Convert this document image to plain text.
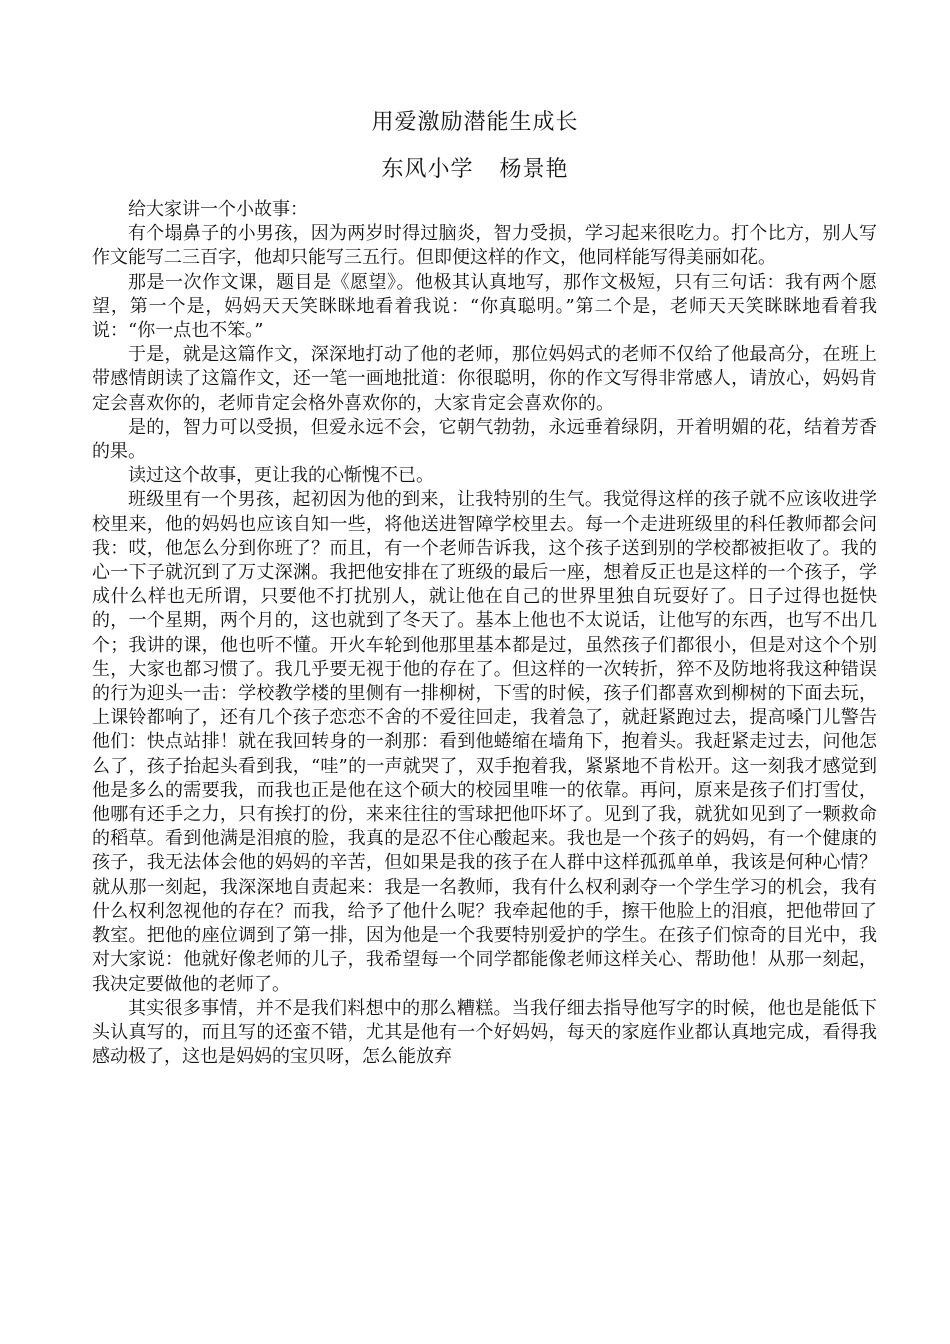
用爱激励潜能生成长
东风小学 杨景艳

给大家讲一个小故事：

有个塌鼻子的小男孩，因为两岁时得过脑炎，智力受损，学习起来很吃力。打个比方，别人写作文能写二三百字，他却只能写三五行。但即便这样的作文，他同样能写得美丽如花。

那是一次作文课，题目是《愿望》。他极其认真地写，那作文极短，只有三句话：我有两个愿望，第一个是，妈妈天天笑眯眯地看着我说：“你真聪明。”第二个是，老师天天笑眯眯地看着我说：“你一点也不笨。”

于是，就是这篇作文，深深地打动了他的老师，那位妈妈式的老师不仅给了他最高分，在班上带感情朗读了这篇作文，还一笔一画地批道：你很聪明，你的作文写得非常感人，请放心，妈妈肯定会喜欢你的，老师肯定会格外喜欢你的，大家肯定会喜欢你的。

是的，智力可以受损，但爱永远不会，它朝气勃勃，永远垂着绿阴，开着明媚的花，结着芳香的果。

读过这个故事，更让我的心惭愧不已。

班级里有一个男孩，起初因为他的到来，让我特别的生气。我觉得这样的孩子就不应该收进学校里来，他的妈妈也应该自知一些，将他送进智障学校里去。每一个走进班级里的科任教师都会问我：哎，他怎么分到你班了？而且，有一个老师告诉我，这个孩子送到别的学校都被拒收了。我的心一下子就沉到了万丈深渊。我把他安排在了班级的最后一座，想着反正也是这样的一个孩子，学成什么样也无所谓，只要他不打扰别人，就让他在自己的世界里独自玩耍好了。日子过得也挺快的，一个星期，两个月的，这也就到了冬天了。基本上他也不太说话，让他写的东西，也写不出几个；我讲的课，他也听不懂。开火车轮到他那里基本都是过，虽然孩子们都很小，但是对这个个别生，大家也都习惯了。我几乎要无视于他的存在了。但这样的一次转折，猝不及防地将我这种错误的行为迎头一击：学校教学楼的里侧有一排柳树，下雪的时候，孩子们都喜欢到柳树的下面去玩，上课铃都响了，还有几个孩子恋恋不舍的不爱往回走，我着急了，就赶紧跑过去，提高嗓门儿警告他们：快点站排！就在我回转身的一刹那：看到他蜷缩在墙角下，抱着头。我赶紧走过去，问他怎么了，孩子抬起头看到我，“哇”的一声就哭了，双手抱着我，紧紧地不肯松开。这一刻我才感觉到他是多么的需要我，而我也正是他在这个硕大的校园里唯一的依靠。再问，原来是孩子们打雪仗，他哪有还手之力，只有挨打的份，来来往往的雪球把他吓坏了。见到了我，就犹如见到了一颗救命的稻草。看到他满是泪痕的脸，我真的是忍不住心酸起来。我也是一个孩子的妈妈，有一个健康的孩子，我无法体会他的妈妈的辛苦，但如果是我的孩子在人群中这样孤孤单单，我该是何种心情？就从那一刻起，我深深地自责起来：我是一名教师，我有什么权利剥夺一个学生学习的机会，我有什么权利忽视他的存在？而我，给予了他什么呢？我牵起他的手，擦干他脸上的泪痕，把他带回了教室。把他的座位调到了第一排，因为他是一个我要特别爱护的学生。在孩子们惊奇的目光中，我对大家说：他就好像老师的儿子，我希望每一个同学都能像老师这样关心、帮助他！从那一刻起，我决定要做他的老师了。

其实很多事情，并不是我们料想中的那么糟糕。当我仔细去指导他写字的时候，他也是能低下头认真写的，而且写的还蛮不错，尤其是他有一个好妈妈，每天的家庭作业都认真地完成，看得我感动极了，这也是妈妈的宝贝呀，怎么能放弃
